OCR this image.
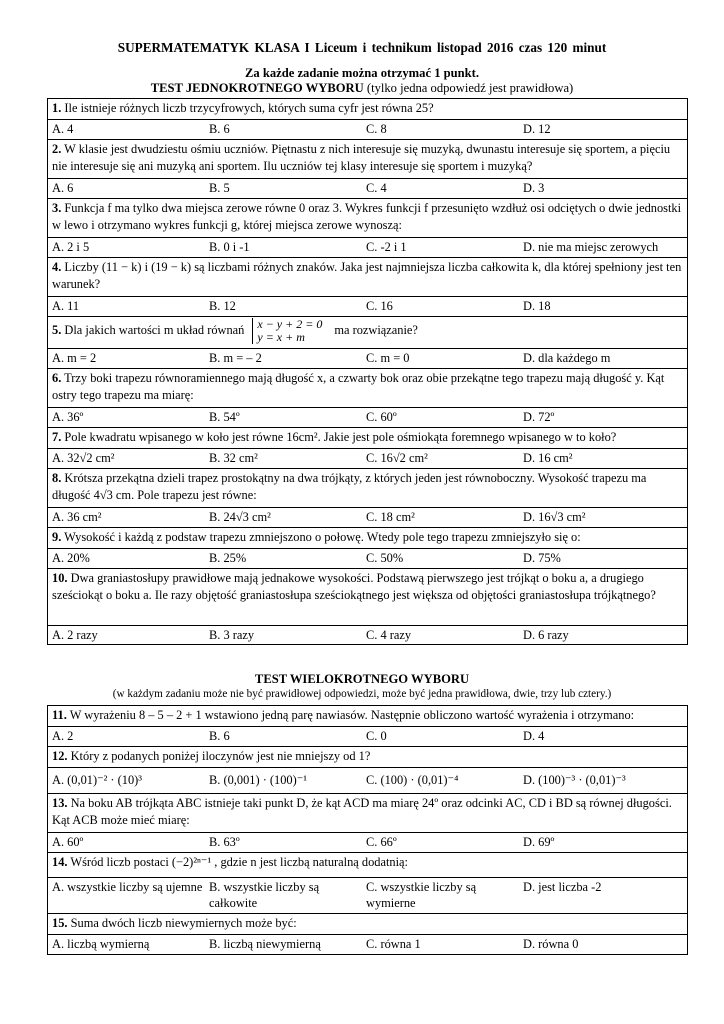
SUPERMATEMATYK KLASA I Liceum i technikum listopad 2016 czas 120 minut
Za każde zadanie można otrzymać 1 punkt.
TEST JEDNOKROTNEGO WYBORU (tylko jedna odpowiedź jest prawidłowa)
1. Ile istnieje różnych liczb trzycyfrowych, których suma cyfr jest równa 25?

A. 4	B. 6	C. 8	D. 12

2. W klasie jest dwudziestu ośmiu uczniów. Piętnastu z nich interesuje się muzyką, dwunastu interesuje się sportem, a pięciu nie interesuje się ani muzyką ani sportem. Ilu uczniów tej klasy interesuje się sportem i muzyką?

A. 6	B. 5	C. 4	D. 3

3. Funkcja f ma tylko dwa miejsca zerowe równe 0 oraz 3. Wykres funkcji f przesunięto wzdłuż osi odciętych o dwie jednostki w lewo i otrzymano wykres funkcji g, której miejsca zerowe wynoszą:

A. 2 i 5	B. 0 i -1	C. -2 i 1	D. nie ma miejsc zerowych

4. Liczby (11 − k) i (19 − k) są liczbami różnych znaków. Jaka jest najmniejsza liczba całkowita k, dla której spełniony jest ten warunek?

A. 11	B. 12	C. 16	D. 18

5. Dla jakich wartości m układ równań x − y + 2 = 0
y = x + m
ma rozwiązanie?

A. m = 2	B. m = – 2	C. m = 0	D. dla każdego m

6. Trzy boki trapezu równoramiennego mają długość x, a czwarty bok oraz obie przekątne tego trapezu mają długość y. Kąt ostry tego trapezu ma miarę:

A. 36º	B. 54º	C. 60º	D. 72º

7. Pole kwadratu wpisanego w koło jest równe 16cm². Jakie jest pole ośmiokąta foremnego wpisanego w to koło?

A. 32√2 cm²	B. 32 cm²	C. 16√2 cm²	D. 16 cm²

8. Krótsza przekątna dzieli trapez prostokątny na dwa trójkąty, z których jeden jest równoboczny. Wysokość trapezu ma długość 4√3 cm. Pole trapezu jest równe:

A. 36 cm²	B. 24√3 cm²	C. 18 cm²	D. 16√3 cm²

9. Wysokość i każdą z podstaw trapezu zmniejszono o połowę. Wtedy pole tego trapezu zmniejszyło się o:

A. 20%	B. 25%	C. 50%	D. 75%

10. Dwa graniastosłupy prawidłowe mają jednakowe wysokości. Podstawą pierwszego jest trójkąt o boku a, a drugiego sześciokąt o boku a. Ile razy objętość graniastosłupa sześciokątnego jest większa od objętości graniastosłupa trójkątnego?

A. 2 razy	B. 3 razy	C. 4 razy	D. 6 razy
TEST WIELOKROTNEGO WYBORU
(w każdym zadaniu może nie być prawidłowej odpowiedzi, może być jedna prawidłowa, dwie, trzy lub cztery.)
11. W wyrażeniu 8 – 5 – 2 + 1 wstawiono jedną parę nawiasów. Następnie obliczono wartość wyrażenia i otrzymano:

A. 2	B. 6	C. 0	D. 4

12. Który z podanych poniżej iloczynów jest nie mniejszy od 1?

A. (0,01)⁻² · (10)³	B. (0,001) · (100)⁻¹	C. (100) · (0,01)⁻⁴	D. (100)⁻³ · (0,01)⁻³

13. Na boku AB trójkąta ABC istnieje taki punkt D, że kąt ACD ma miarę 24º oraz odcinki AC, CD i BD są równej długości. Kąt ACB może mieć miarę:

A. 60º	B. 63º	C. 66º	D. 69º

14. Wśród liczb postaci (−2)²ⁿ⁻¹ , gdzie n jest liczbą naturalną dodatnią:

A. wszystkie liczby są ujemne B. wszystkie liczby są całkowite
C. wszystkie liczby są wymierne
D. jest liczba -2

15. Suma dwóch liczb niewymiernych może być:

A. liczbą wymierną	B. liczbą niewymierną	C. równa 1	D. równa 0
